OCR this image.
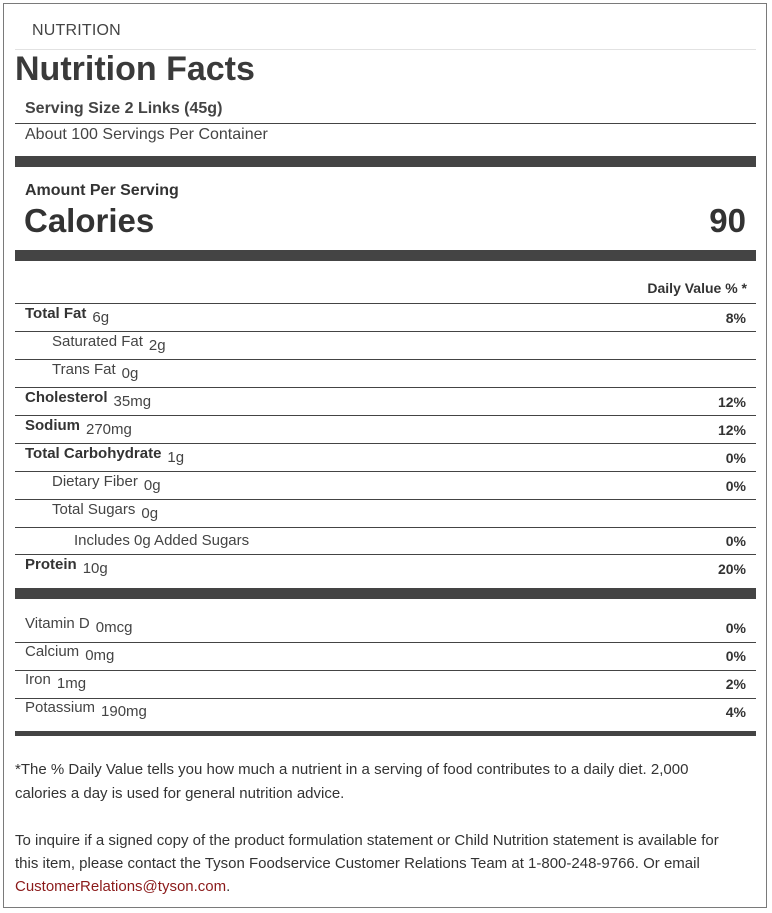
NUTRITION
Nutrition Facts
Serving Size 2 Links (45g)
About 100 Servings Per Container
Amount Per Serving
Calories	90
Daily Value % *
Total Fat 6g	8%
Saturated Fat 2g
Trans Fat 0g
Cholesterol 35mg	12%
Sodium 270mg	12%
Total Carbohydrate 1g	0%
Dietary Fiber 0g	0%
Total Sugars 0g
Includes 0g Added Sugars	0%
Protein 10g	20%
Vitamin D 0mcg	0%
Calcium 0mg	0%
Iron 1mg	2%
Potassium 190mg	4%
*The % Daily Value tells you how much a nutrient in a serving of food contributes to a daily diet. 2,000 calories a day is used for general nutrition advice.
To inquire if a signed copy of the product formulation statement or Child Nutrition statement is available for this item, please contact the Tyson Foodservice Customer Relations Team at 1-800-248-9766. Or email CustomerRelations@tyson.com.
